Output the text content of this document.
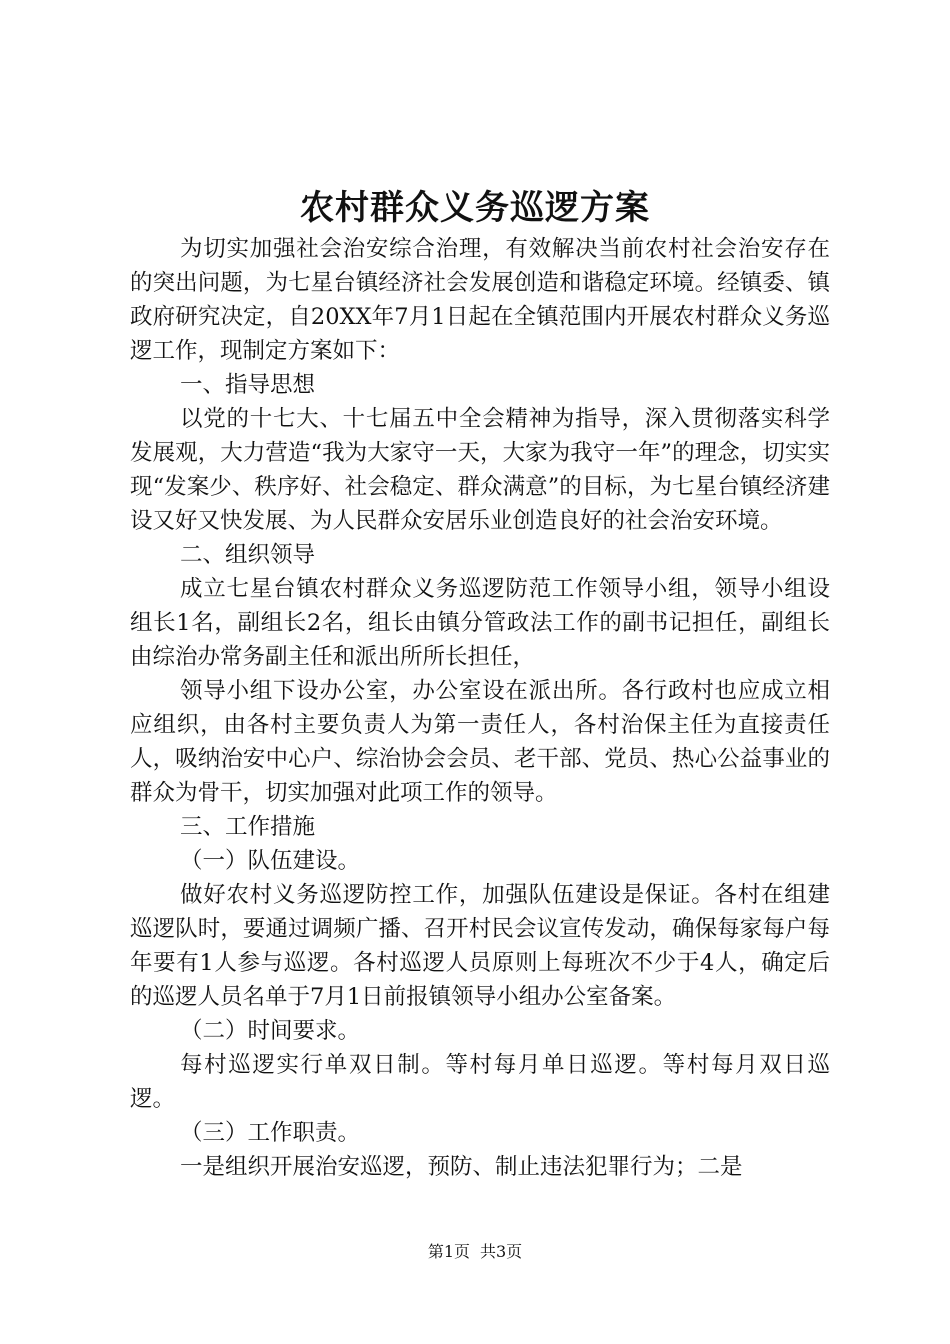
农村群众义务巡逻方案

为切实加强社会治安综合治理，有效解决当前农村社会治安存在的突出问题，为七星台镇经济社会发展创造和谐稳定环境。经镇委、镇政府研究决定，自20XX年7月1日起在全镇范围内开展农村群众义务巡逻工作，现制定方案如下：

一、指导思想

以党的十七大、十七届五中全会精神为指导，深入贯彻落实科学发展观，大力营造“我为大家守一天，大家为我守一年”的理念，切实实现“发案少、秩序好、社会稳定、群众满意”的目标，为七星台镇经济建设又好又快发展、为人民群众安居乐业创造良好的社会治安环境。

二、组织领导

成立七星台镇农村群众义务巡逻防范工作领导小组，领导小组设组长1名，副组长2名，组长由镇分管政法工作的副书记担任，副组长由综治办常务副主任和派出所所长担任，

领导小组下设办公室，办公室设在派出所。各行政村也应成立相应组织，由各村主要负责人为第一责任人，各村治保主任为直接责任人，吸纳治安中心户、综治协会会员、老干部、党员、热心公益事业的群众为骨干，切实加强对此项工作的领导。

三、工作措施

（一）队伍建设。

做好农村义务巡逻防控工作，加强队伍建设是保证。各村在组建巡逻队时，要通过调频广播、召开村民会议宣传发动，确保每家每户每年要有1人参与巡逻。各村巡逻人员原则上每班次不少于4人，确定后的巡逻人员名单于7月1日前报镇领导小组办公室备案。

（二）时间要求。

每村巡逻实行单双日制。等村每月单日巡逻。等村每月双日巡逻。

（三）工作职责。

一是组织开展治安巡逻，预防、制止违法犯罪行为；二是

第1页 共3页
